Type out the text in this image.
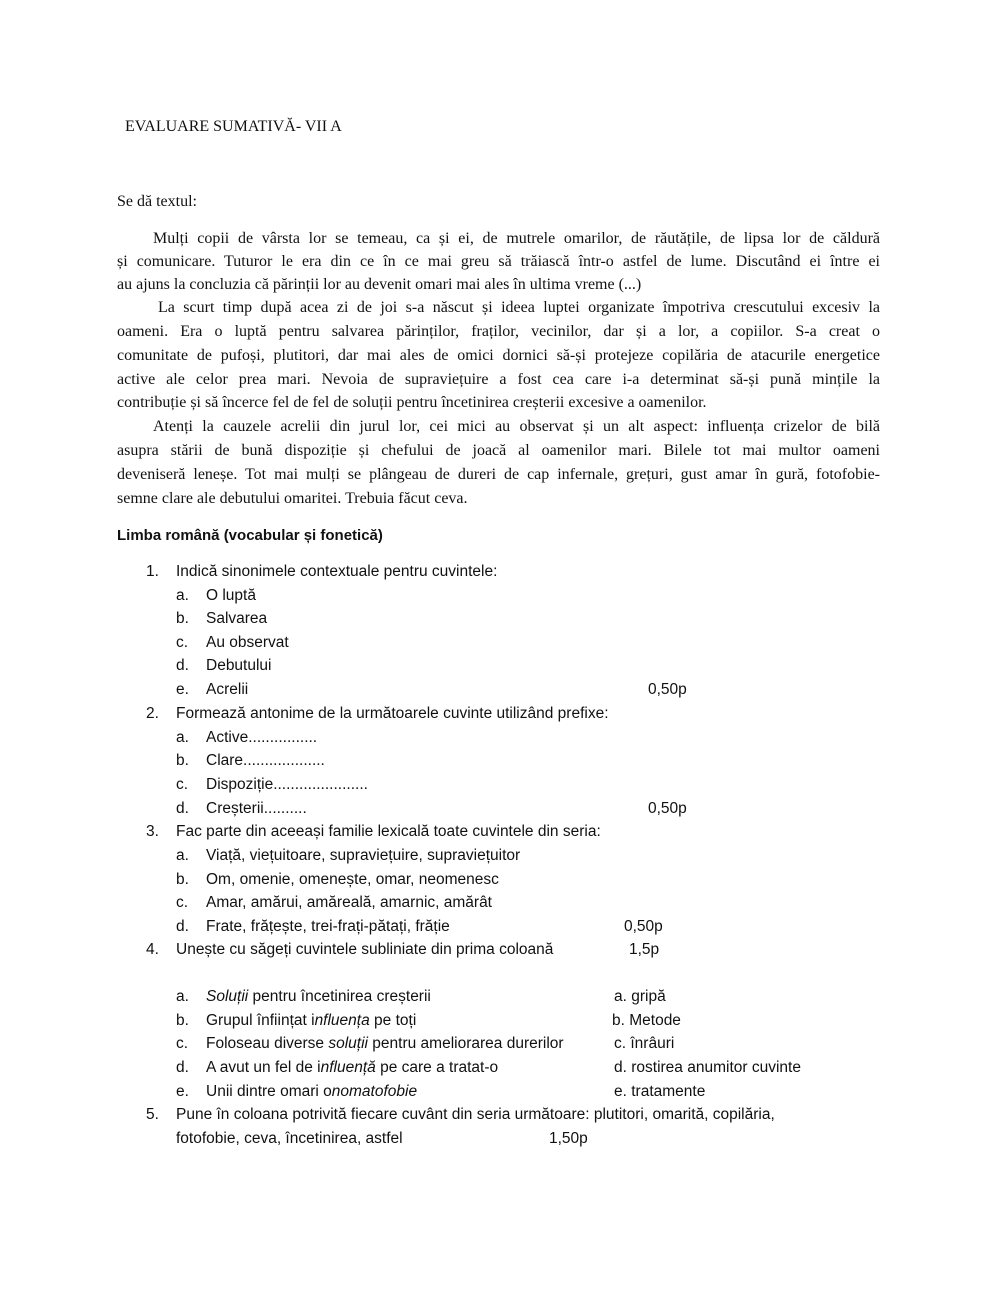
EVALUARE SUMATIVĂ- VII A
Se dă textul:
Mulți copii de vârsta lor se temeau, ca și ei, de mutrele omarilor, de răutățile, de lipsa lor de căldură
și comunicare. Tuturor le era din ce în ce mai greu să trăiască într-o astfel de lume. Discutând ei între ei
au ajuns la concluzia că părinții lor au devenit omari mai ales în ultima vreme (...)
La scurt timp după acea zi de joi s-a născut și ideea luptei organizate împotriva crescutului excesiv la
oameni. Era o luptă pentru salvarea părinților, fraților, vecinilor, dar și a lor, a copiilor. S-a creat o
comunitate de pufoși, plutitori, dar mai ales de omici dornici să-și protejeze copilăria de atacurile energetice
active ale celor prea mari. Nevoia de supraviețuire a fost cea care i-a determinat să-și pună mințile la
contribuție și să încerce fel de fel de soluții pentru încetinirea creșterii excesive a oamenilor.
Atenți la cauzele acrelii din jurul lor, cei mici au observat și un alt aspect: influența crizelor de bilă
asupra stării de bună dispoziție și chefului de joacă al oamenilor mari. Bilele tot mai multor oameni
deveniseră leneșe. Tot mai mulți se plângeau de dureri de cap infernale, grețuri, gust amar în gură, fotofobie-
semne clare ale debutului omaritei. Trebuia făcut ceva.
Limba română (vocabular și fonetică)
1. Indică sinonimele contextuale pentru cuvintele:
a. O luptă
b. Salvarea
c. Au observat
d. Debutului
e. Acrelii	0,50p
2. Formează antonime de la următoarele cuvinte utilizând prefixe:
a. Active................
b. Clare...................
c. Dispoziție......................
d. Creșterii..........	0,50p
3. Fac parte din aceeași familie lexicală toate cuvintele din seria:
a. Viață, viețuitoare, supraviețuire, supraviețuitor
b. Om, omenie, omenește, omar, neomenesc
c. Amar, amărui, amăreală, amarnic, amărât
d. Frate, frățește, trei-frați-pătați, frăție	0,50p
4. Unește cu săgeți cuvintele subliniate din prima coloană	1,5p
a. Soluții pentru încetinirea creșterii	a. gripă
b. Grupul înființat influența pe toți	b. Metode
c. Foloseau diverse soluții pentru ameliorarea durerilor	c. înrâuri
d. A avut un fel de influență pe care a tratat-o	d. rostirea anumitor cuvinte
e. Unii dintre omari onomatofobie	e. tratamente
5. Pune în coloana potrivită fiecare cuvânt din seria următoare: plutitori, omarită, copilăria,
fotofobie, ceva, încetinirea, astfel	1,50p
